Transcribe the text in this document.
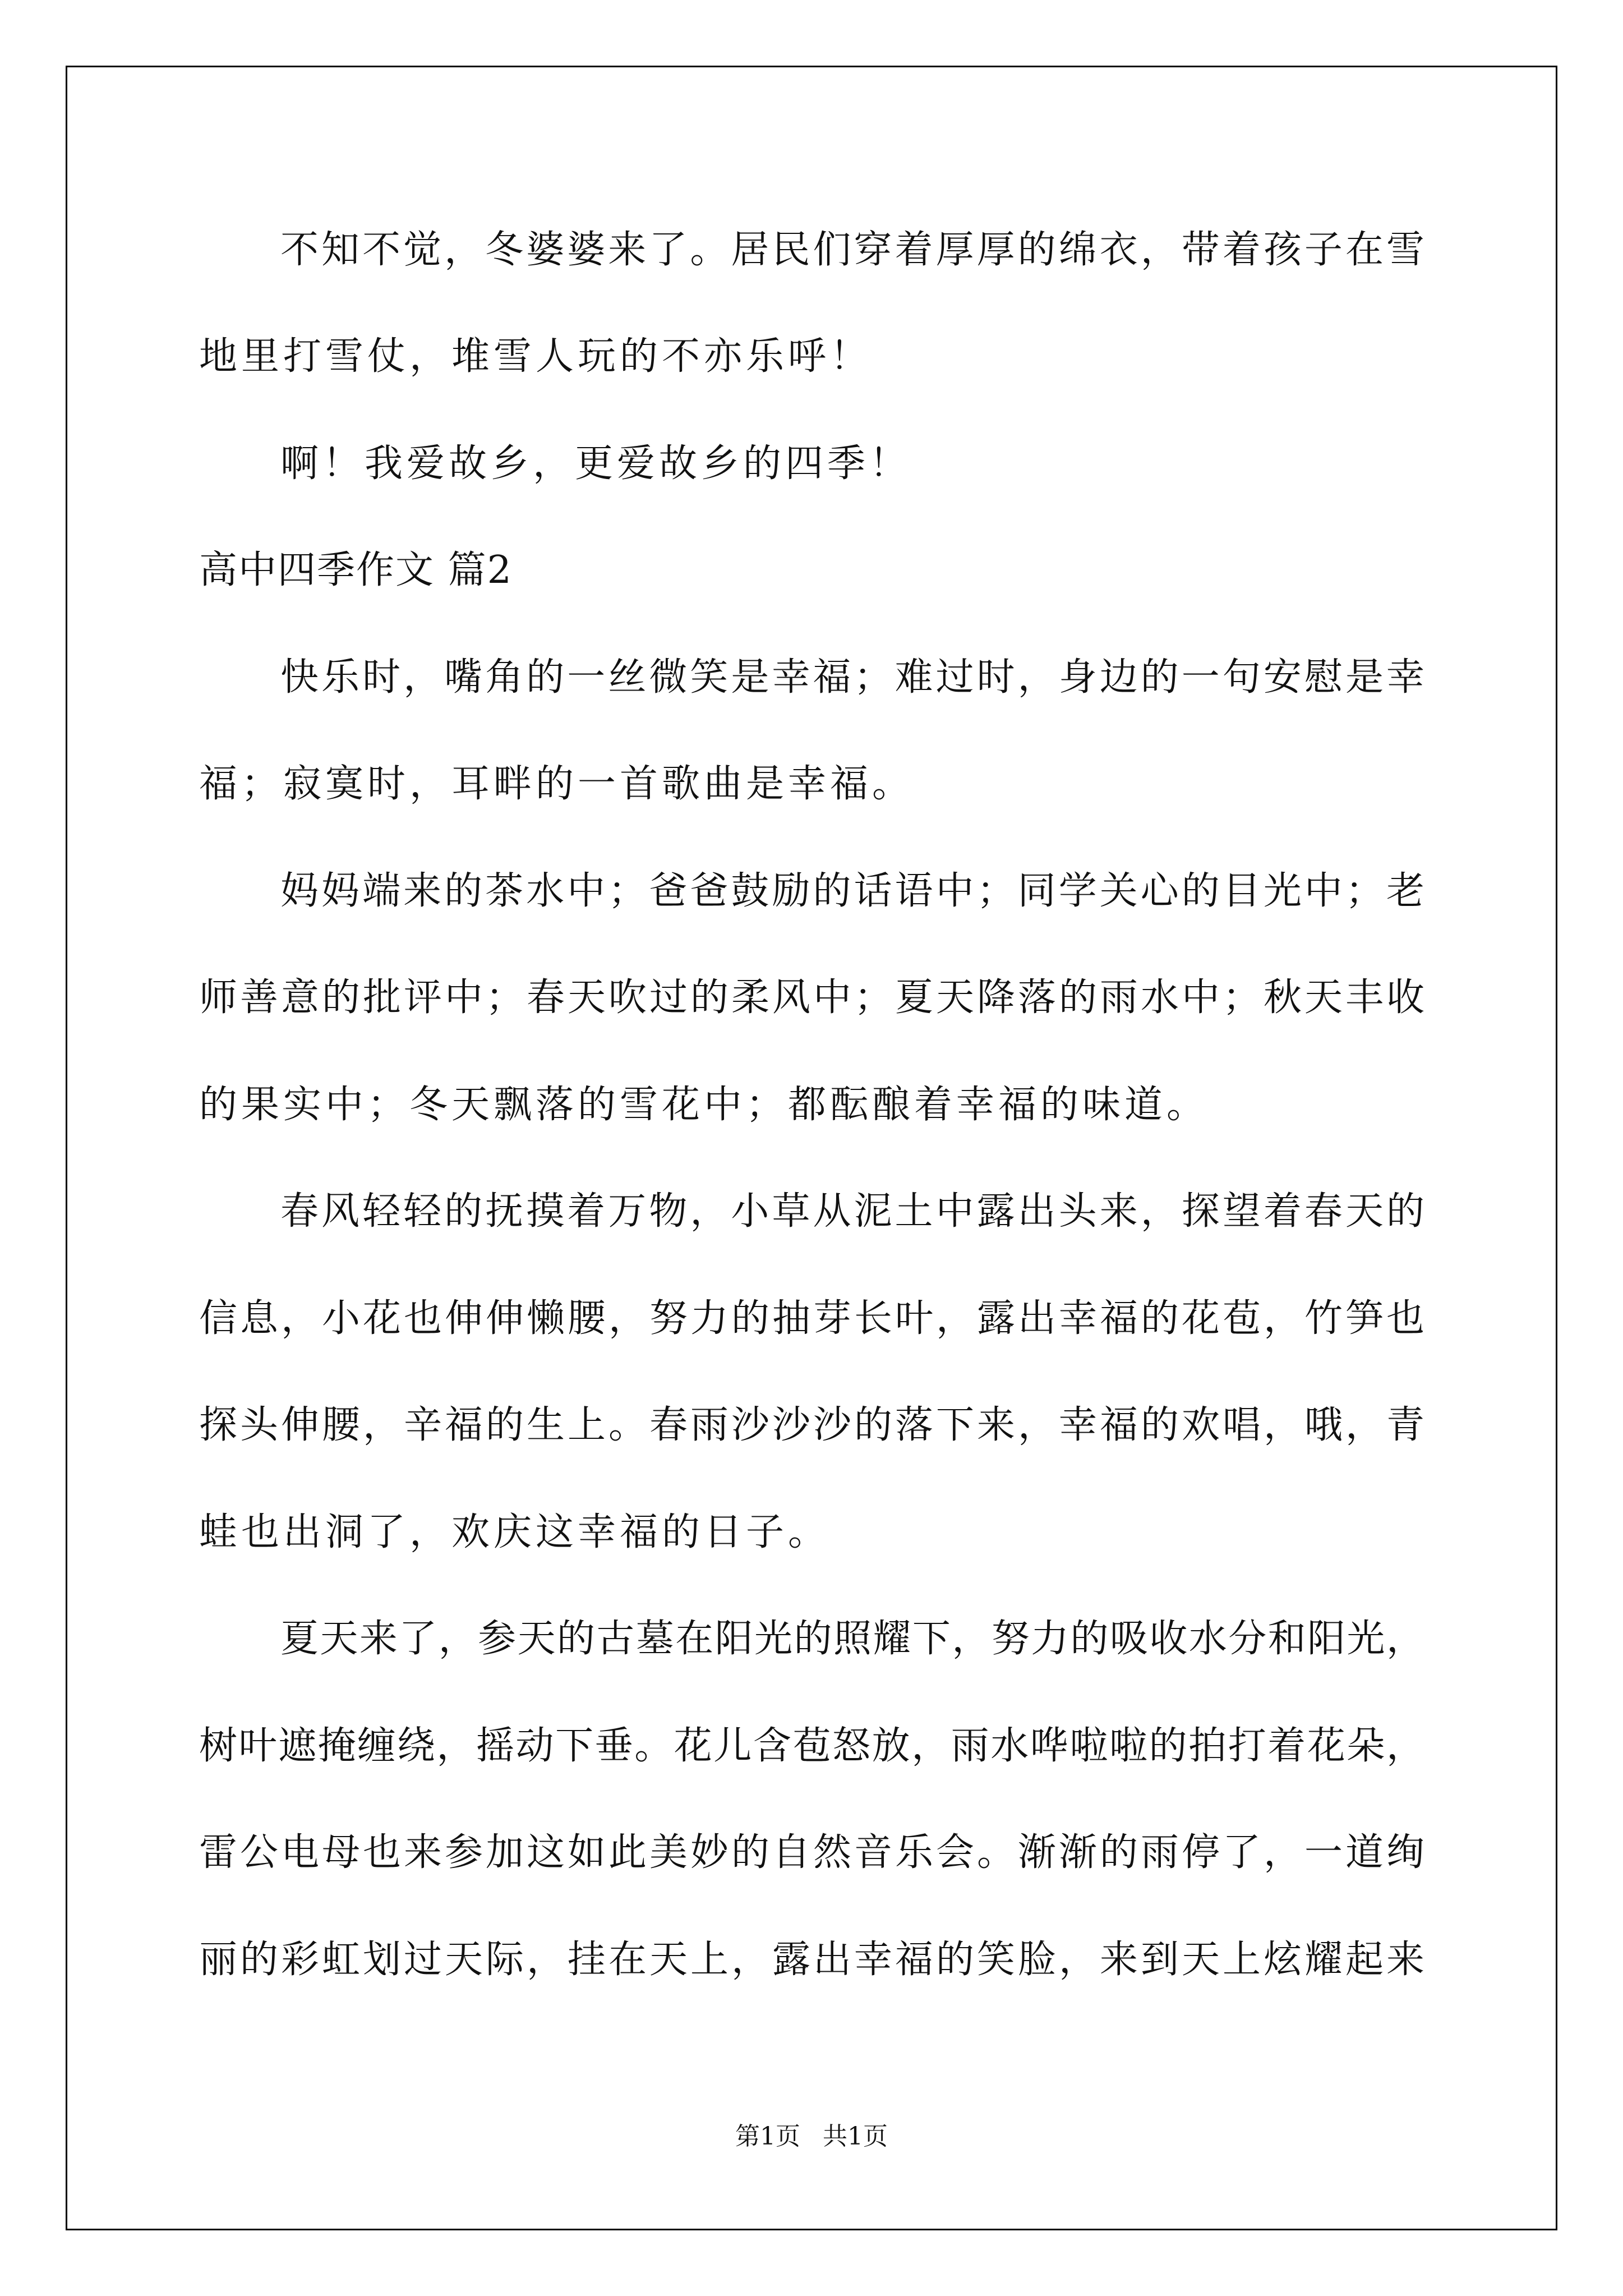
不知不觉，冬婆婆来了。居民们穿着厚厚的绵衣，带着孩子在雪
地里打雪仗，堆雪人玩的不亦乐呼！
啊！我爱故乡，更爱故乡的四季！
高中四季作文 篇2
快乐时，嘴角的一丝微笑是幸福；难过时，身边的一句安慰是幸
福；寂寞时，耳畔的一首歌曲是幸福。
妈妈端来的茶水中；爸爸鼓励的话语中；同学关心的目光中；老
师善意的批评中；春天吹过的柔风中；夏天降落的雨水中；秋天丰收
的果实中；冬天飘落的雪花中；都酝酿着幸福的味道。
春风轻轻的抚摸着万物，小草从泥土中露出头来，探望着春天的
信息，小花也伸伸懒腰，努力的抽芽长叶，露出幸福的花苞，竹笋也
探头伸腰，辛福的生上。春雨沙沙沙的落下来，幸福的欢唱，哦，青
蛙也出洞了，欢庆这幸福的日子。
夏天来了，参天的古墓在阳光的照耀下，努力的吸收水分和阳光，
树叶遮掩缠绕，摇动下垂。花儿含苞怒放，雨水哗啦啦的拍打着花朵，
雷公电母也来参加这如此美妙的自然音乐会。渐渐的雨停了，一道绚
丽的彩虹划过天际，挂在天上，露出幸福的笑脸，来到天上炫耀起来
第1页 共1页
